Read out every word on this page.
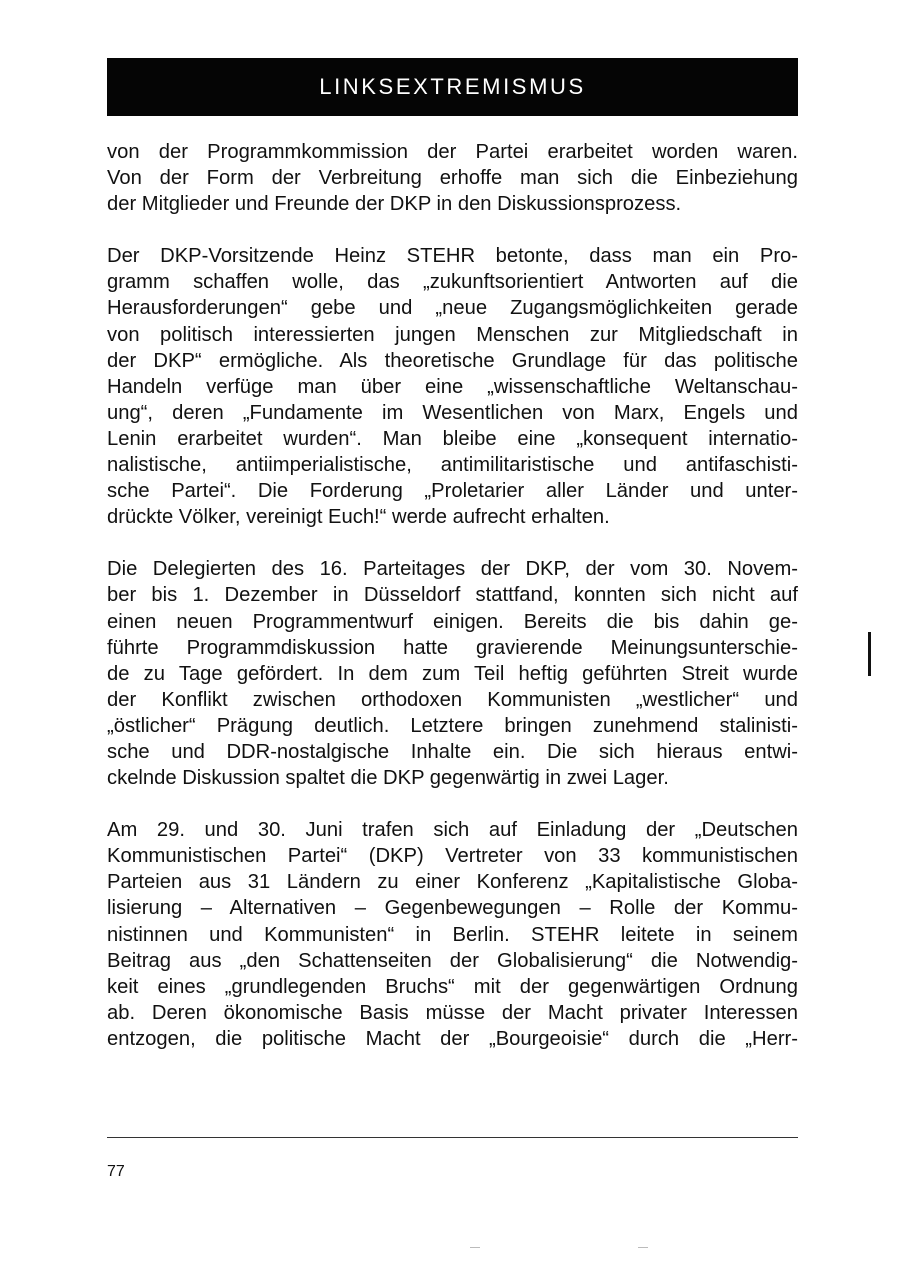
LINKSEXTREMISMUS

von der Programmkommission der Partei erarbeitet worden waren.
Von der Form der Verbreitung erhoffe man sich die Einbeziehung
der Mitglieder und Freunde der DKP in den Diskussionsprozess.

Der DKP-Vorsitzende Heinz STEHR betonte, dass man ein Pro-
gramm schaffen wolle, das „zukunftsorientiert Antworten auf die
Herausforderungen“ gebe und „neue Zugangsmöglichkeiten gerade
von politisch interessierten jungen Menschen zur Mitgliedschaft in
der DKP“ ermögliche. Als theoretische Grundlage für das politische
Handeln verfüge man über eine „wissenschaftliche Weltanschau-
ung“, deren „Fundamente im Wesentlichen von Marx, Engels und
Lenin erarbeitet wurden“. Man bleibe eine „konsequent internatio-
nalistische, antiimperialistische, antimilitaristische und antifaschisti-
sche Partei“. Die Forderung „Proletarier aller Länder und unter-
drückte Völker, vereinigt Euch!“ werde aufrecht erhalten.

Die Delegierten des 16. Parteitages der DKP, der vom 30. Novem-
ber bis 1. Dezember in Düsseldorf stattfand, konnten sich nicht auf
einen neuen Programmentwurf einigen. Bereits die bis dahin ge-
führte Programmdiskussion hatte gravierende Meinungsunterschie-
de zu Tage gefördert. In dem zum Teil heftig geführten Streit wurde
der Konflikt zwischen orthodoxen Kommunisten „westlicher“ und
„östlicher“ Prägung deutlich. Letztere bringen zunehmend stalinisti-
sche und DDR-nostalgische Inhalte ein. Die sich hieraus entwi-
ckelnde Diskussion spaltet die DKP gegenwärtig in zwei Lager.

Am 29. und 30. Juni trafen sich auf Einladung der „Deutschen
Kommunistischen Partei“ (DKP) Vertreter von 33 kommunistischen
Parteien aus 31 Ländern zu einer Konferenz „Kapitalistische Globa-
lisierung – Alternativen – Gegenbewegungen – Rolle der Kommu-
nistinnen und Kommunisten“ in Berlin. STEHR leitete in seinem
Beitrag aus „den Schattenseiten der Globalisierung“ die Notwendig-
keit eines „grundlegenden Bruchs“ mit der gegenwärtigen Ordnung
ab. Deren ökonomische Basis müsse der Macht privater Interessen
entzogen, die politische Macht der „Bourgeoisie“ durch die „Herr-

77
